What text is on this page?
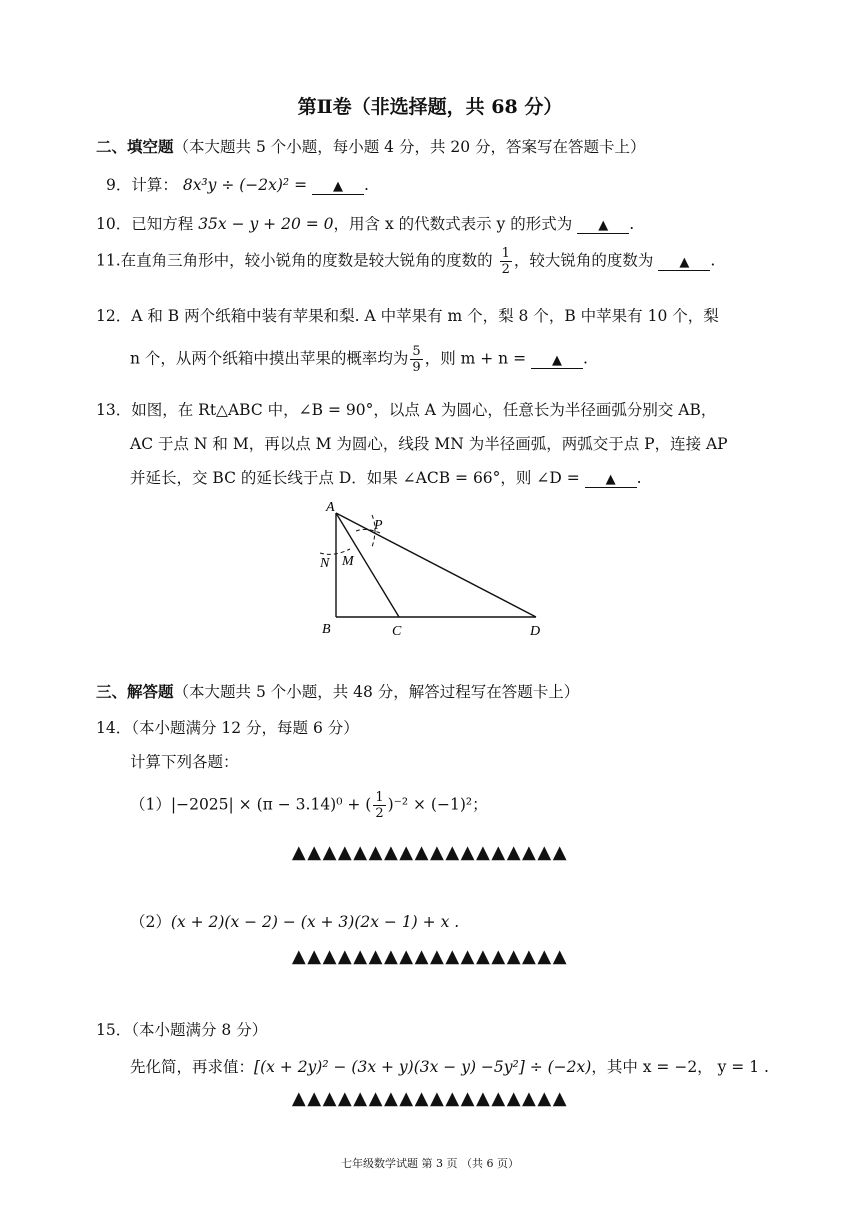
第Ⅱ卷（非选择题，共 68 分）
二、填空题（本大题共 5 个小题，每小题 4 分，共 20 分，答案写在答题卡上）
9．计算： 8x³y ÷ (−2x)² = ▲ .
10．已知方程 35x − y + 20 = 0，用含 x 的代数式表示 y 的形式为 ▲ .
11.在直角三角形中，较小锐角的度数是较大锐角的度数的 $\frac{1}{2}$ ，较大锐角的度数为 ▲ .
12．A 和 B 两个纸箱中装有苹果和梨. A 中苹果有 m 个，梨 8 个，B 中苹果有 10 个，梨
n 个，从两个纸箱中摸出苹果的概率均为 $\frac{5}{9}$ ，则 m + n = ▲ .
13．如图，在 Rt△ABC 中，∠B = 90°，以点 A 为圆心，任意长为半径画弧分别交 AB，
AC 于点 N 和 M，再以点 M 为圆心，线段 MN 为半径画弧，两弧交于点 P，连接 AP
并延长，交 BC 的延长线于点 D．如果 ∠ACB = 66°，则 ∠D = ▲ .
A
P
N M
B	C	D
三、解答题（本大题共 5 个小题，共 48 分，解答过程写在答题卡上）
14．（本小题满分 12 分，每题 6 分）
计算下列各题：
（1）|−2025| × (π − 3.14)⁰ + ( $\frac{1}{2} )^{-2} \times (-1)^2$；
▲▲▲▲▲▲▲▲▲▲▲▲▲▲▲▲▲▲
（2）(x + 2)(x − 2) − (x + 3)(2x − 1) + x .
▲▲▲▲▲▲▲▲▲▲▲▲▲▲▲▲▲▲
15．（本小题满分 8 分）
先化简，再求值：[(x + 2y)² − (3x + y)(3x − y) −5y²] ÷ (−2x)，其中 x = −2， y = 1 .
▲▲▲▲▲▲▲▲▲▲▲▲▲▲▲▲▲▲
七年级数学试题 第 3 页 （共 6 页）
